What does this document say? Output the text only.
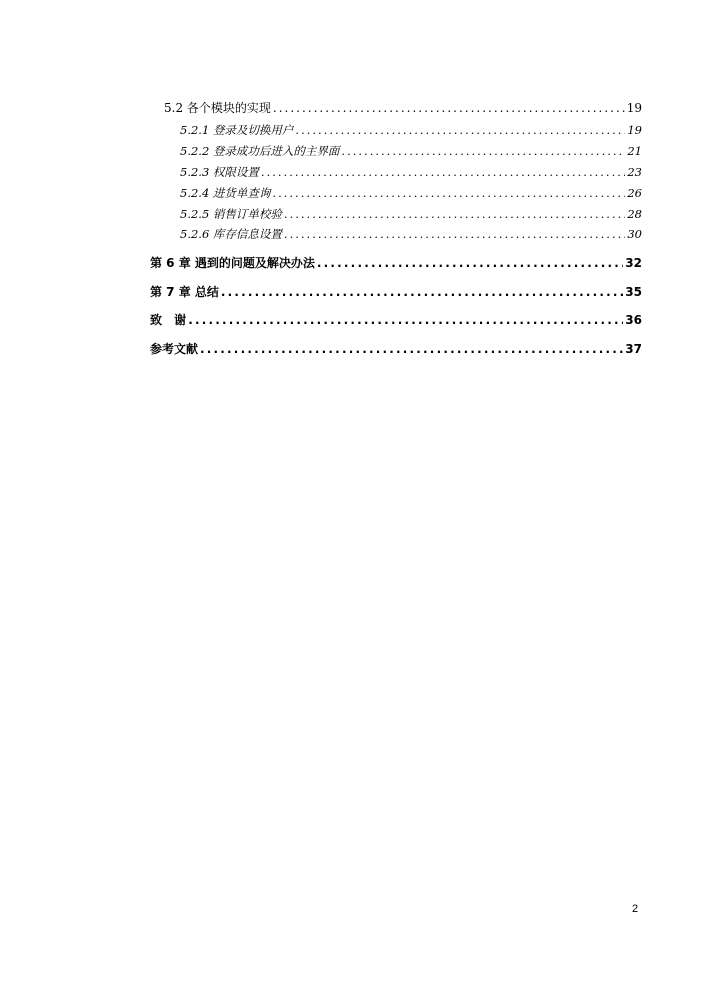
5.2 各个模块的实现 .....	19
5.2.1 登录及切换用户 .....	19
5.2.2 登录成功后进入的主界面 .....	21
5.2.3 权限设置 .....	23
5.2.4 进货单查询 .....	26
5.2.5 销售订单校验 .....	28
5.2.6 库存信息设置 .....	30
第 6 章 遇到的问题及解决办法 .....	32
第 7 章 总结 .....	35
致 谢 .....	36
参考文献 .....	37
2
